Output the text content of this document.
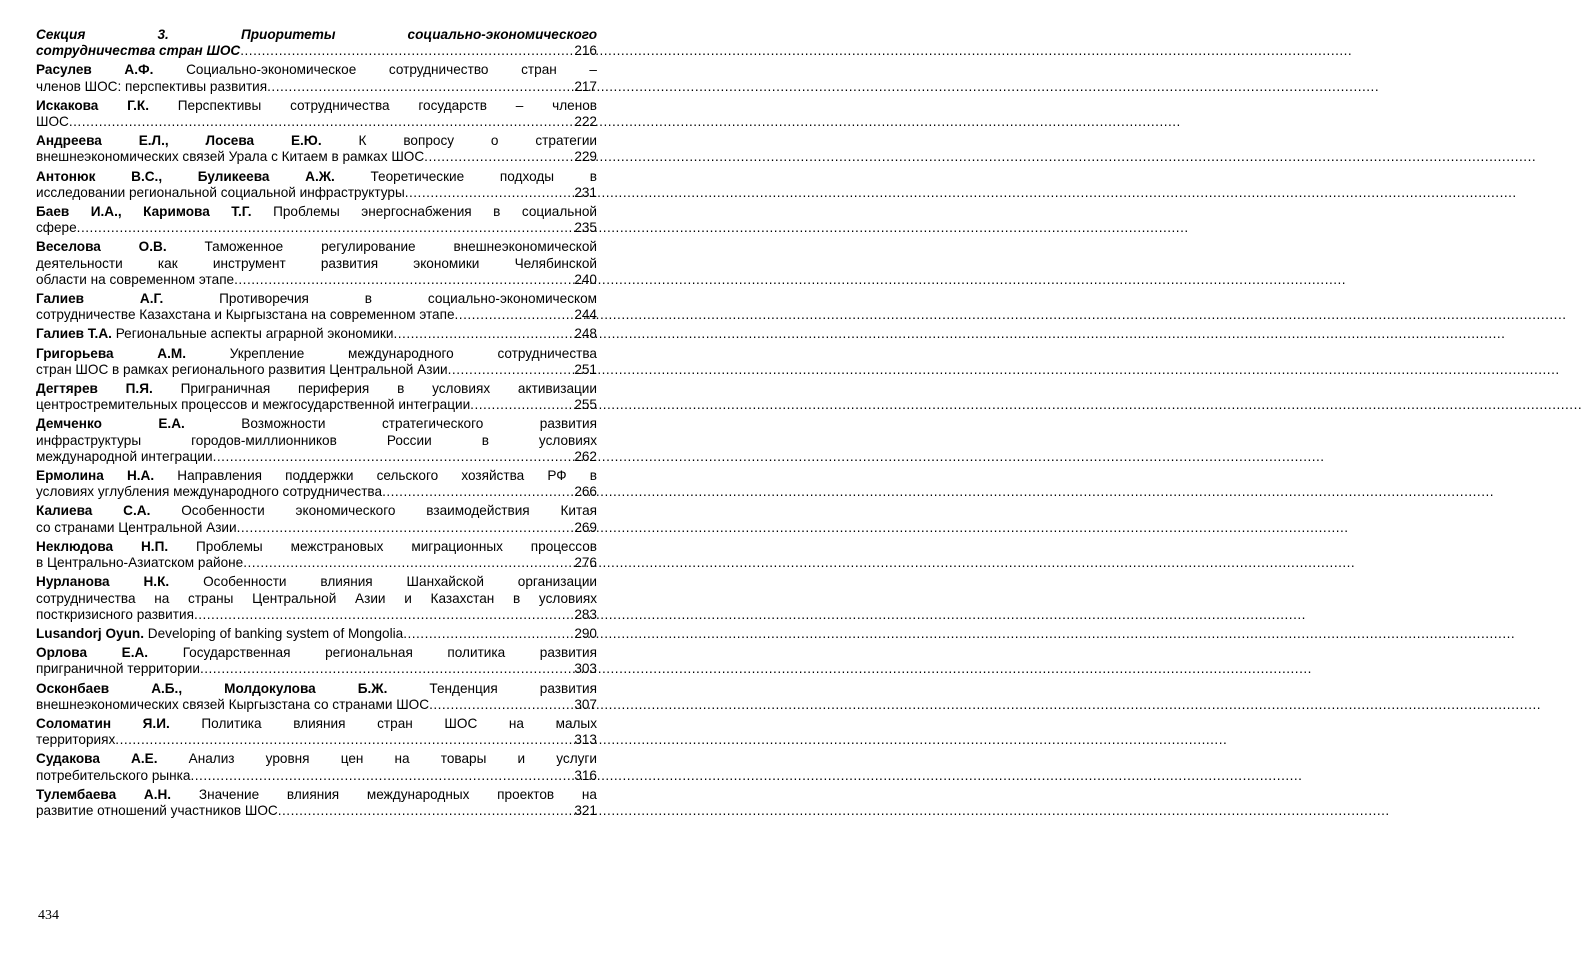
Секция 3. Приоритеты социально-экономического
сотрудничества стран ШОС .....	216
Расулев А.Ф. Социально-экономическое сотрудничество стран –
членов ШОС: перспективы развития .....	217
Искакова Г.К. Перспективы сотрудничества государств – членов
ШОС .....	222
Андреева Е.Л., Лосева Е.Ю.	К вопросу о стратегии
внешнеэкономических связей Урала с Китаем в рамках ШОС .....	229
Антонюк В.С., Буликеева А.Ж.	Теоретические подходы в
исследовании региональной социальной инфраструктуры .....	231
Баев И.А., Каримова Т.Г. Проблемы энергоснабжения в социальной
сфере .....	235
Веселова О.В.	Таможенное регулирование внешнеэкономической
деятельности как инструмент развития экономики Челябинской
области на современном этапе .....	240
Галиев А.Г.	Противоречия в социально-экономическом
сотрудничестве Казахстана и Кыргызстана на современном этапе .....	244
Галиев Т.А. Региональные аспекты аграрной экономики .....	248
Григорьева А.М.	Укрепление международного сотрудничества
стран ШОС в рамках регионального развития Центральной Азии .....	251
Дегтярев П.Я. Приграничная периферия в условиях активизации
центростремительных процессов и межгосударственной интеграции .....	255
Демченко Е.А.	Возможности стратегического развития
инфраструктуры городов-миллионников России в условиях
международной интеграции .....	262
Ермолина Н.А. Направления поддержки сельского хозяйства РФ в
условиях углубления международного сотрудничества .....	266
Калиева С.А. Особенности экономического взаимодействия Китая
со странами Центральной Азии .....	269
Неклюдова Н.П. Проблемы межстрановых миграционных процессов
в Центрально-Азиатском районе .....	276
Нурланова Н.К. Особенности влияния Шанхайской организации
сотрудничества на страны Центральной Азии и Казахстан в условиях
посткризисного развития .....	283
Lusandorj Oyun. Developing of banking system of Mongolia .....	290
Орлова Е.А.	Государственная региональная политика развития
приграничной территории .....	303
Осконбаев А.Б., Молдокулова Б.Ж.	Тенденция развития
внешнеэкономических связей Кыргызстана со странами ШОС .....	307
Соломатин Я.И. Политика влияния стран ШОС на малых
территориях .....	313
Судакова А.Е. Анализ уровня цен на товары и услуги
потребительского рынка .....	316
Тулембаева А.Н. Значение влияния международных проектов на
развитие отношений участников ШОС .....	321
434
